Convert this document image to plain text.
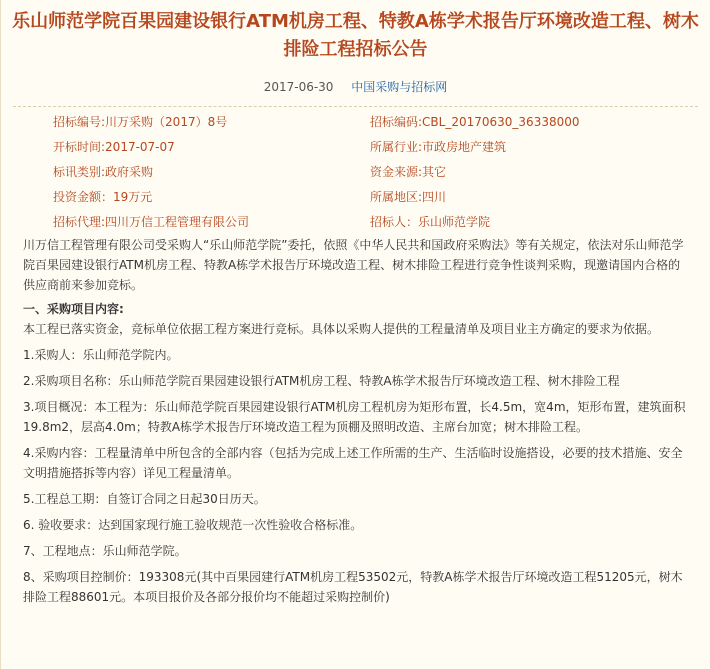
乐山师范学院百果园建设银行ATM机房工程、特教A栋学术报告厅环境改造工程、树木排险工程招标公告
2017-06-30 中国采购与招标网
招标编号:川万采购（2017）8号	招标编码:CBL_20170630_36338000
开标时间:2017-07-07	所属行业:市政房地产建筑
标讯类别:政府采购	资金来源:其它
投资金额：19万元	所属地区:四川
招标代理:四川万信工程管理有限公司	招标人：乐山师范学院

川万信工程管理有限公司受采购人“乐山师范学院”委托，依照《中华人民共和国政府采购法》等有关规定，依法对乐山师范学院百果园建设银行ATM机房工程、特教A栋学术报告厅环境改造工程、树木排险工程进行竞争性谈判采购，现邀请国内合格的供应商前来参加竞标。

一、采购项目内容:

本工程已落实资金，竞标单位依据工程方案进行竞标。具体以采购人提供的工程量清单及项目业主方确定的要求为依据。

1.采购人：乐山师范学院内。

2.采购项目名称：乐山师范学院百果园建设银行ATM机房工程、特教A栋学术报告厅环境改造工程、树木排险工程

3.项目概况：本工程为：乐山师范学院百果园建设银行ATM机房工程机房为矩形布置，长4.5m，宽4m，矩形布置，建筑面积19.8m2，层高4.0m；特教A栋学术报告厅环境改造工程为顶棚及照明改造、主席台加宽；树木排险工程。

4.采购内容：工程量清单中所包含的全部内容（包括为完成上述工作所需的生产、生活临时设施搭设，必要的技术措施、安全文明措施搭拆等内容）详见工程量清单。

5.工程总工期：自签订合同之日起30日历天。

6. 验收要求：达到国家现行施工验收规范一次性验收合格标准。

7、工程地点：乐山师范学院。

8、采购项目控制价：193308元(其中百果园建行ATM机房工程53502元，特教A栋学术报告厅环境改造工程51205元，树木排险工程88601元。本项目报价及各部分报价均不能超过采购控制价)
